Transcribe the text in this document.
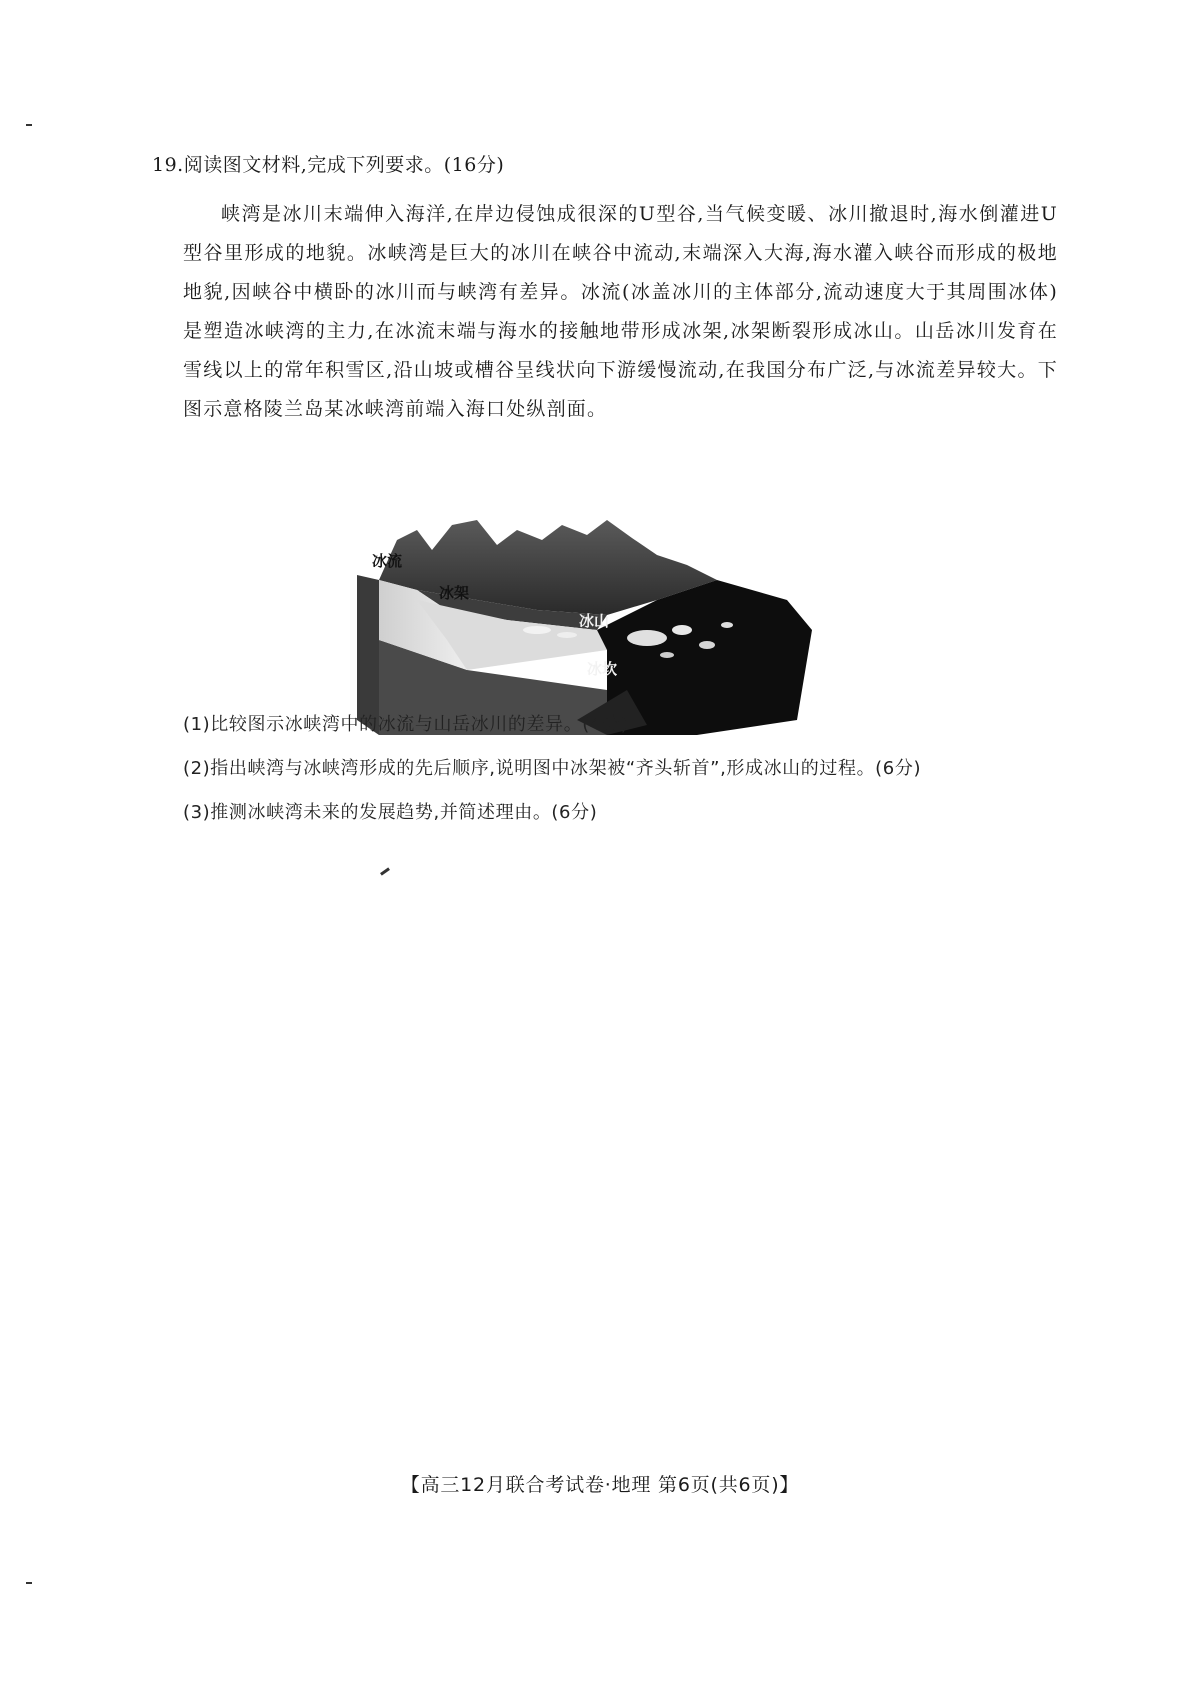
19.阅读图文材料,完成下列要求。(16分)
峡湾是冰川末端伸入海洋,在岸边侵蚀成很深的U型谷,当气候变暖、冰川撤退时,海水倒灌进U型谷里形成的地貌。冰峡湾是巨大的冰川在峡谷中流动,末端深入大海,海水灌入峡谷而形成的极地地貌,因峡谷中横卧的冰川而与峡湾有差异。冰流(冰盖冰川的主体部分,流动速度大于其周围冰体)是塑造冰峡湾的主力,在冰流末端与海水的接触地带形成冰架,冰架断裂形成冰山。山岳冰川发育在雪线以上的常年积雪区,沿山坡或槽谷呈线状向下游缓慢流动,在我国分布广泛,与冰流差异较大。下图示意格陵兰岛某冰峡湾前端入海口处纵剖面。
冰流
冰架
冰山
冰坎
(1)比较图示冰峡湾中的冰流与山岳冰川的差异。(4分)
(2)指出峡湾与冰峡湾形成的先后顺序,说明图中冰架被“齐头斩首”,形成冰山的过程。(6分)
(3)推测冰峡湾未来的发展趋势,并简述理由。(6分)
【高三12月联合考试卷·地理 第6页(共6页)】
